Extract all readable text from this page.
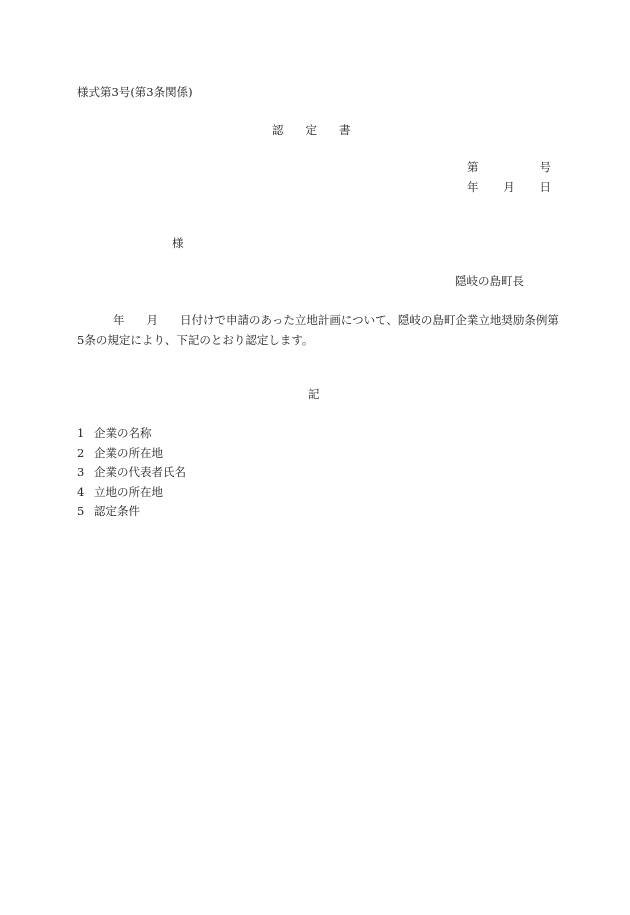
様式第3号(第3条関係)
認定書
第	号
年 月 日
様
隠岐の島町長
年 月 日付けで申請のあった立地計画について、隠岐の島町企業立地奨励条例第5条の規定により、下記のとおり認定します。
記
1 企業の名称
2 企業の所在地
3 企業の代表者氏名
4 立地の所在地
5 認定条件
